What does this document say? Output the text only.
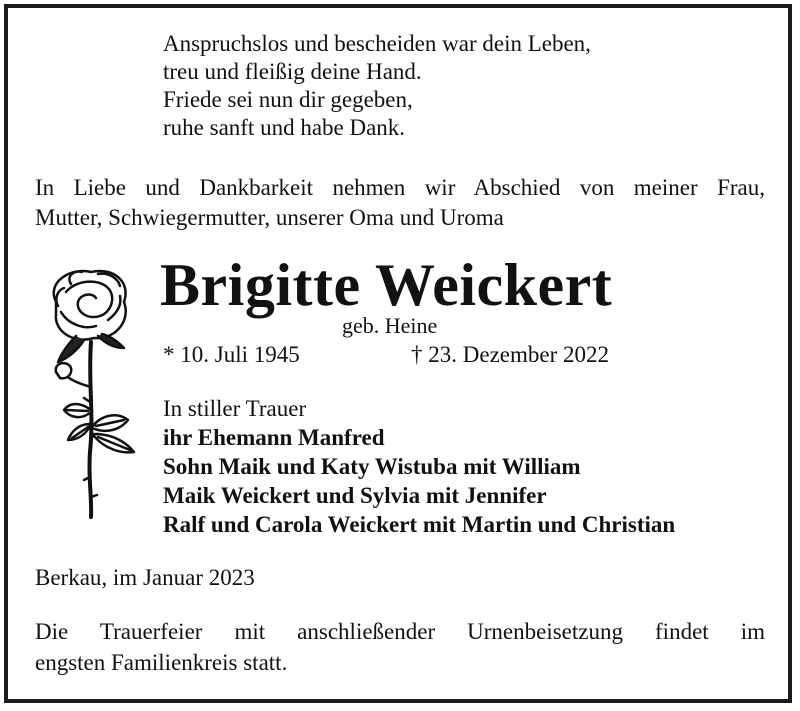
Anspruchslos und bescheiden war dein Leben,
treu und fleißig deine Hand.
Friede sei nun dir gegeben,
ruhe sanft und habe Dank.
In Liebe und Dankbarkeit nehmen wir Abschied von meiner Frau,
Mutter, Schwiegermutter, unserer Oma und Uroma
Brigitte Weickert
geb. Heine
* 10. Juli 1945	† 23. Dezember 2022
In stiller Trauer
ihr Ehemann Manfred
Sohn Maik und Katy Wistuba mit William
Maik Weickert und Sylvia mit Jennifer
Ralf und Carola Weickert mit Martin und Christian
Berkau, im Januar 2023
Die Trauerfeier mit anschließender Urnenbeisetzung findet im
engsten Familienkreis statt.
